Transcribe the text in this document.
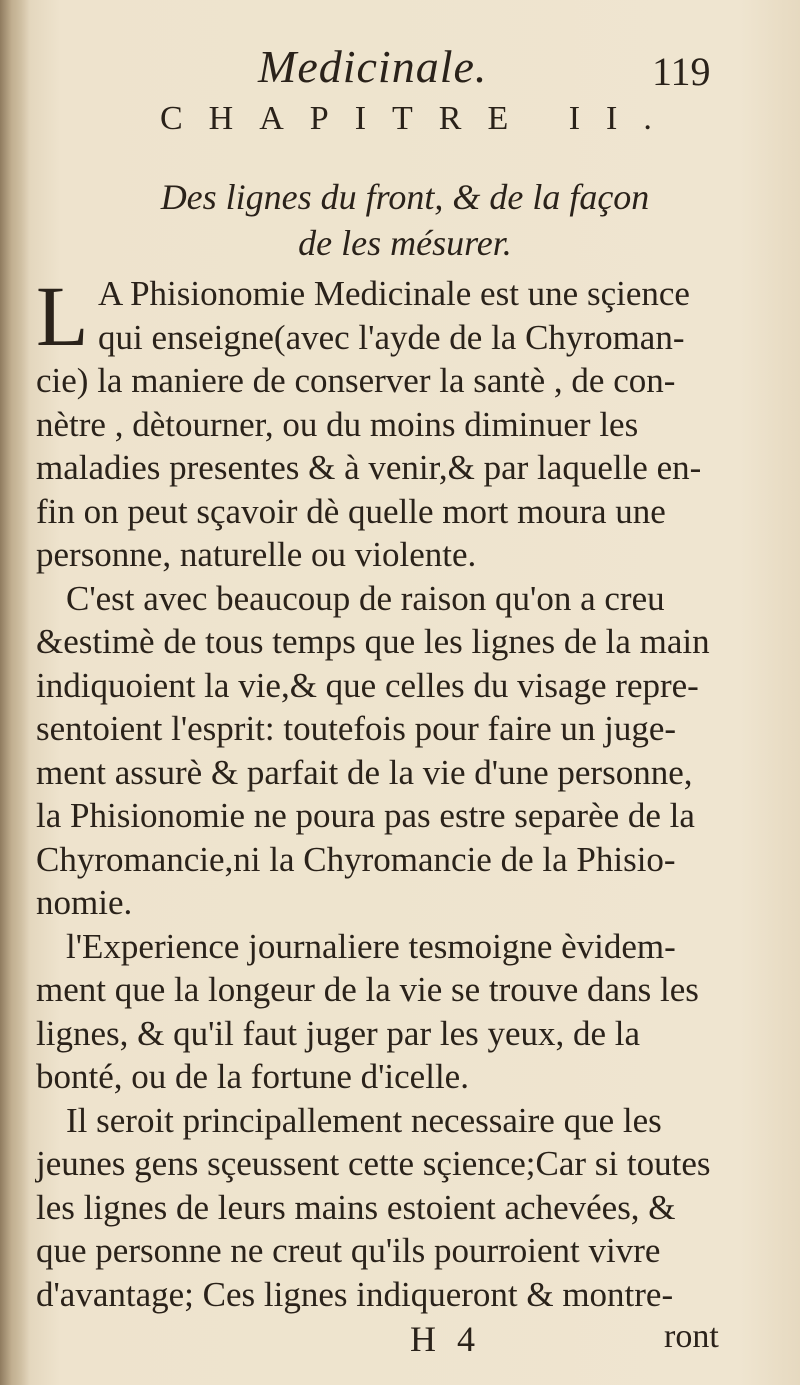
Medicinale.	119
CHAPITRE II.
Des lignes du front, & de la façon
de les mésurer.
L A Phisionomie Medicinale est une sçience
qui enseigne(avec l'ayde de la Chyroman-
cie) la maniere de conserver la santè , de con-
nètre , dètourner, ou du moins diminuer les
maladies presentes & à venir,& par laquelle en-
fin on peut sçavoir dè quelle mort moura une
personne, naturelle ou violente.
C'est avec beaucoup de raison qu'on a creu
&estimè de tous temps que les lignes de la main
indiquoient la vie,& que celles du visage repre-
sentoient l'esprit: toutefois pour faire un juge-
ment assurè & parfait de la vie d'une personne,
la Phisionomie ne poura pas estre separèe de la
Chyromancie,ni la Chyromancie de la Phisio-
nomie.
l'Experience journaliere tesmoigne èvidem-
ment que la longeur de la vie se trouve dans les
lignes, & qu'il faut juger par les yeux, de la
bonté, ou de la fortune d'icelle.
Il seroit principallement necessaire que les
jeunes gens sçeussent cette sçience;Car si toutes
les lignes de leurs mains estoient achevées, &
que personne ne creut qu'ils pourroient vivre
d'avantage; Ces lignes indiqueront & montre-
H 4	ront
